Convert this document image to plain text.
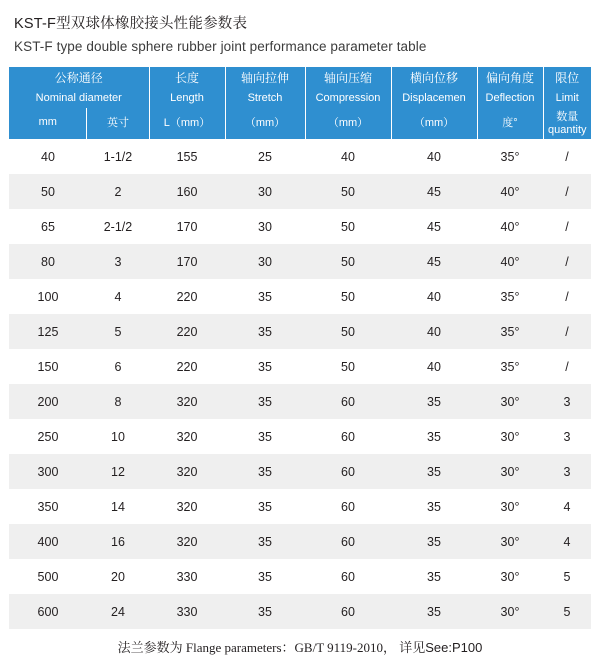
KST-F型双球体橡胶接头性能参数表
KST-F type double sphere rubber joint performance parameter table
公称通径		长度	轴向拉伸	轴向压缩	横向位移	偏向角度	限位
Nominal diameter		Length	Stretch	Compression	Displacemen	Deflection	Limit
mm	英寸	L（mm）	（mm）	（mm）	（mm）	度°	数量 quantity
40	1-1/2	155	25	40	40	35°	/
50	2	160	30	50	45	40°	/
65	2-1/2	170	30	50	45	40°	/
80	3	170	30	50	45	40°	/
100	4	220	35	50	40	35°	/
125	5	220	35	50	40	35°	/
150	6	220	35	50	40	35°	/
200	8	320	35	60	35	30°	3
250	10	320	35	60	35	30°	3
300	12	320	35	60	35	30°	3
350	14	320	35	60	35	30°	4
400	16	320	35	60	35	30°	4
500	20	330	35	60	35	30°	5
600	24	330	35	60	35	30°	5
法兰参数为 Flange parameters：GB/T 9119-2010， 详见See:P100
